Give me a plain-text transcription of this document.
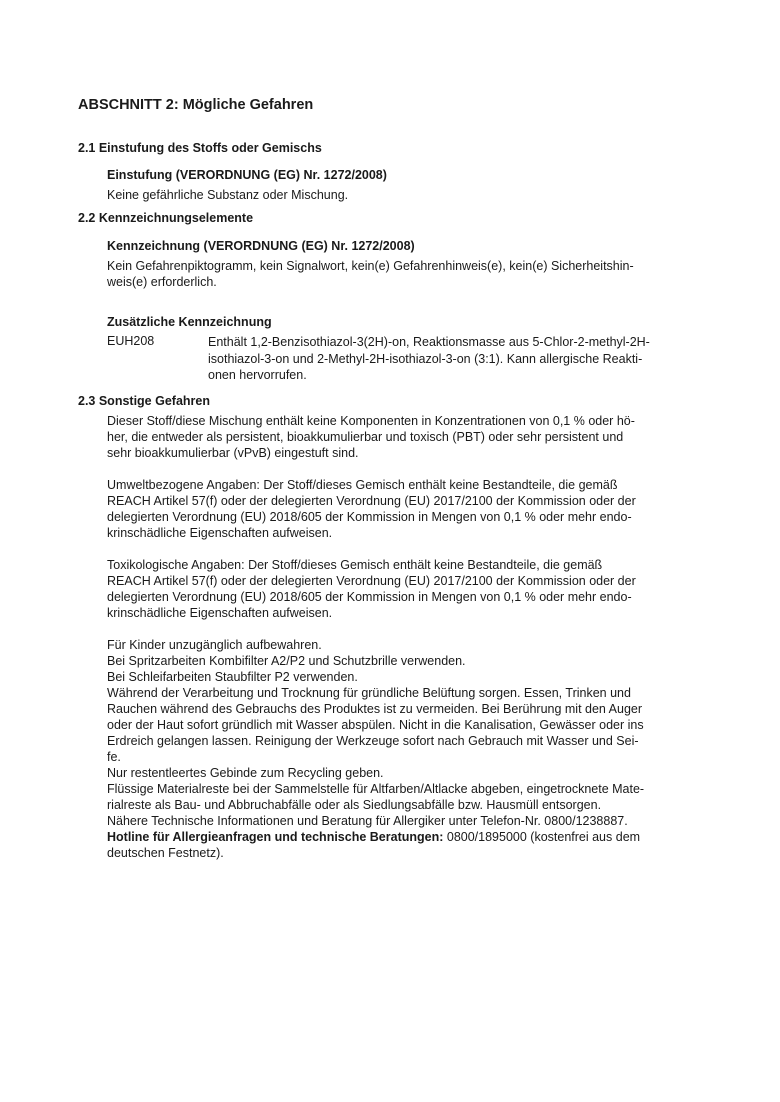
ABSCHNITT 2: Mögliche Gefahren
2.1 Einstufung des Stoffs oder Gemischs
Einstufung (VERORDNUNG (EG) Nr. 1272/2008)

Keine gefährliche Substanz oder Mischung.

2.2 Kennzeichnungselemente
Kennzeichnung (VERORDNUNG (EG) Nr. 1272/2008)

Kein Gefahrenpiktogramm, kein Signalwort, kein(e) Gefahrenhinweis(e), kein(e) Sicherheitshin-
weis(e) erforderlich.

Zusätzliche Kennzeichnung
EUH208	Enthält 1,2-Benzisothiazol-3(2H)-on, Reaktionsmasse aus 5-Chlor-2-methyl-2H-
isothiazol-3-on und 2-Methyl-2H-isothiazol-3-on (3:1). Kann allergische Reakti-
onen hervorrufen.
2.3 Sonstige Gefahren

Dieser Stoff/diese Mischung enthält keine Komponenten in Konzentrationen von 0,1 % oder hö-
her, die entweder als persistent, bioakkumulierbar und toxisch (PBT) oder sehr persistent und
sehr bioakkumulierbar (vPvB) eingestuft sind.

Umweltbezogene Angaben: Der Stoff/dieses Gemisch enthält keine Bestandteile, die gemäß
REACH Artikel 57(f) oder der delegierten Verordnung (EU) 2017/2100 der Kommission oder der
delegierten Verordnung (EU) 2018/605 der Kommission in Mengen von 0,1 % oder mehr endo-
krinschädliche Eigenschaften aufweisen.

Toxikologische Angaben: Der Stoff/dieses Gemisch enthält keine Bestandteile, die gemäß
REACH Artikel 57(f) oder der delegierten Verordnung (EU) 2017/2100 der Kommission oder der
delegierten Verordnung (EU) 2018/605 der Kommission in Mengen von 0,1 % oder mehr endo-
krinschädliche Eigenschaften aufweisen.

Für Kinder unzugänglich aufbewahren.
Bei Spritzarbeiten Kombifilter A2/P2 und Schutzbrille verwenden.
Bei Schleifarbeiten Staubfilter P2 verwenden.
Während der Verarbeitung und Trocknung für gründliche Belüftung sorgen. Essen, Trinken und
Rauchen während des Gebrauchs des Produktes ist zu vermeiden. Bei Berührung mit den Auger
oder der Haut sofort gründlich mit Wasser abspülen. Nicht in die Kanalisation, Gewässer oder ins
Erdreich gelangen lassen. Reinigung der Werkzeuge sofort nach Gebrauch mit Wasser und Sei-
fe.
Nur restentleertes Gebinde zum Recycling geben.
Flüssige Materialreste bei der Sammelstelle für Altfarben/Altlacke abgeben, eingetrocknete Mate-
rialreste als Bau- und Abbruchabfälle oder als Siedlungsabfälle bzw. Hausmüll entsorgen.
Nähere Technische Informationen und Beratung für Allergiker unter Telefon-Nr. 0800/1238887.
Hotline für Allergieanfragen und technische Beratungen: 0800/1895000 (kostenfrei aus dem
deutschen Festnetz).
